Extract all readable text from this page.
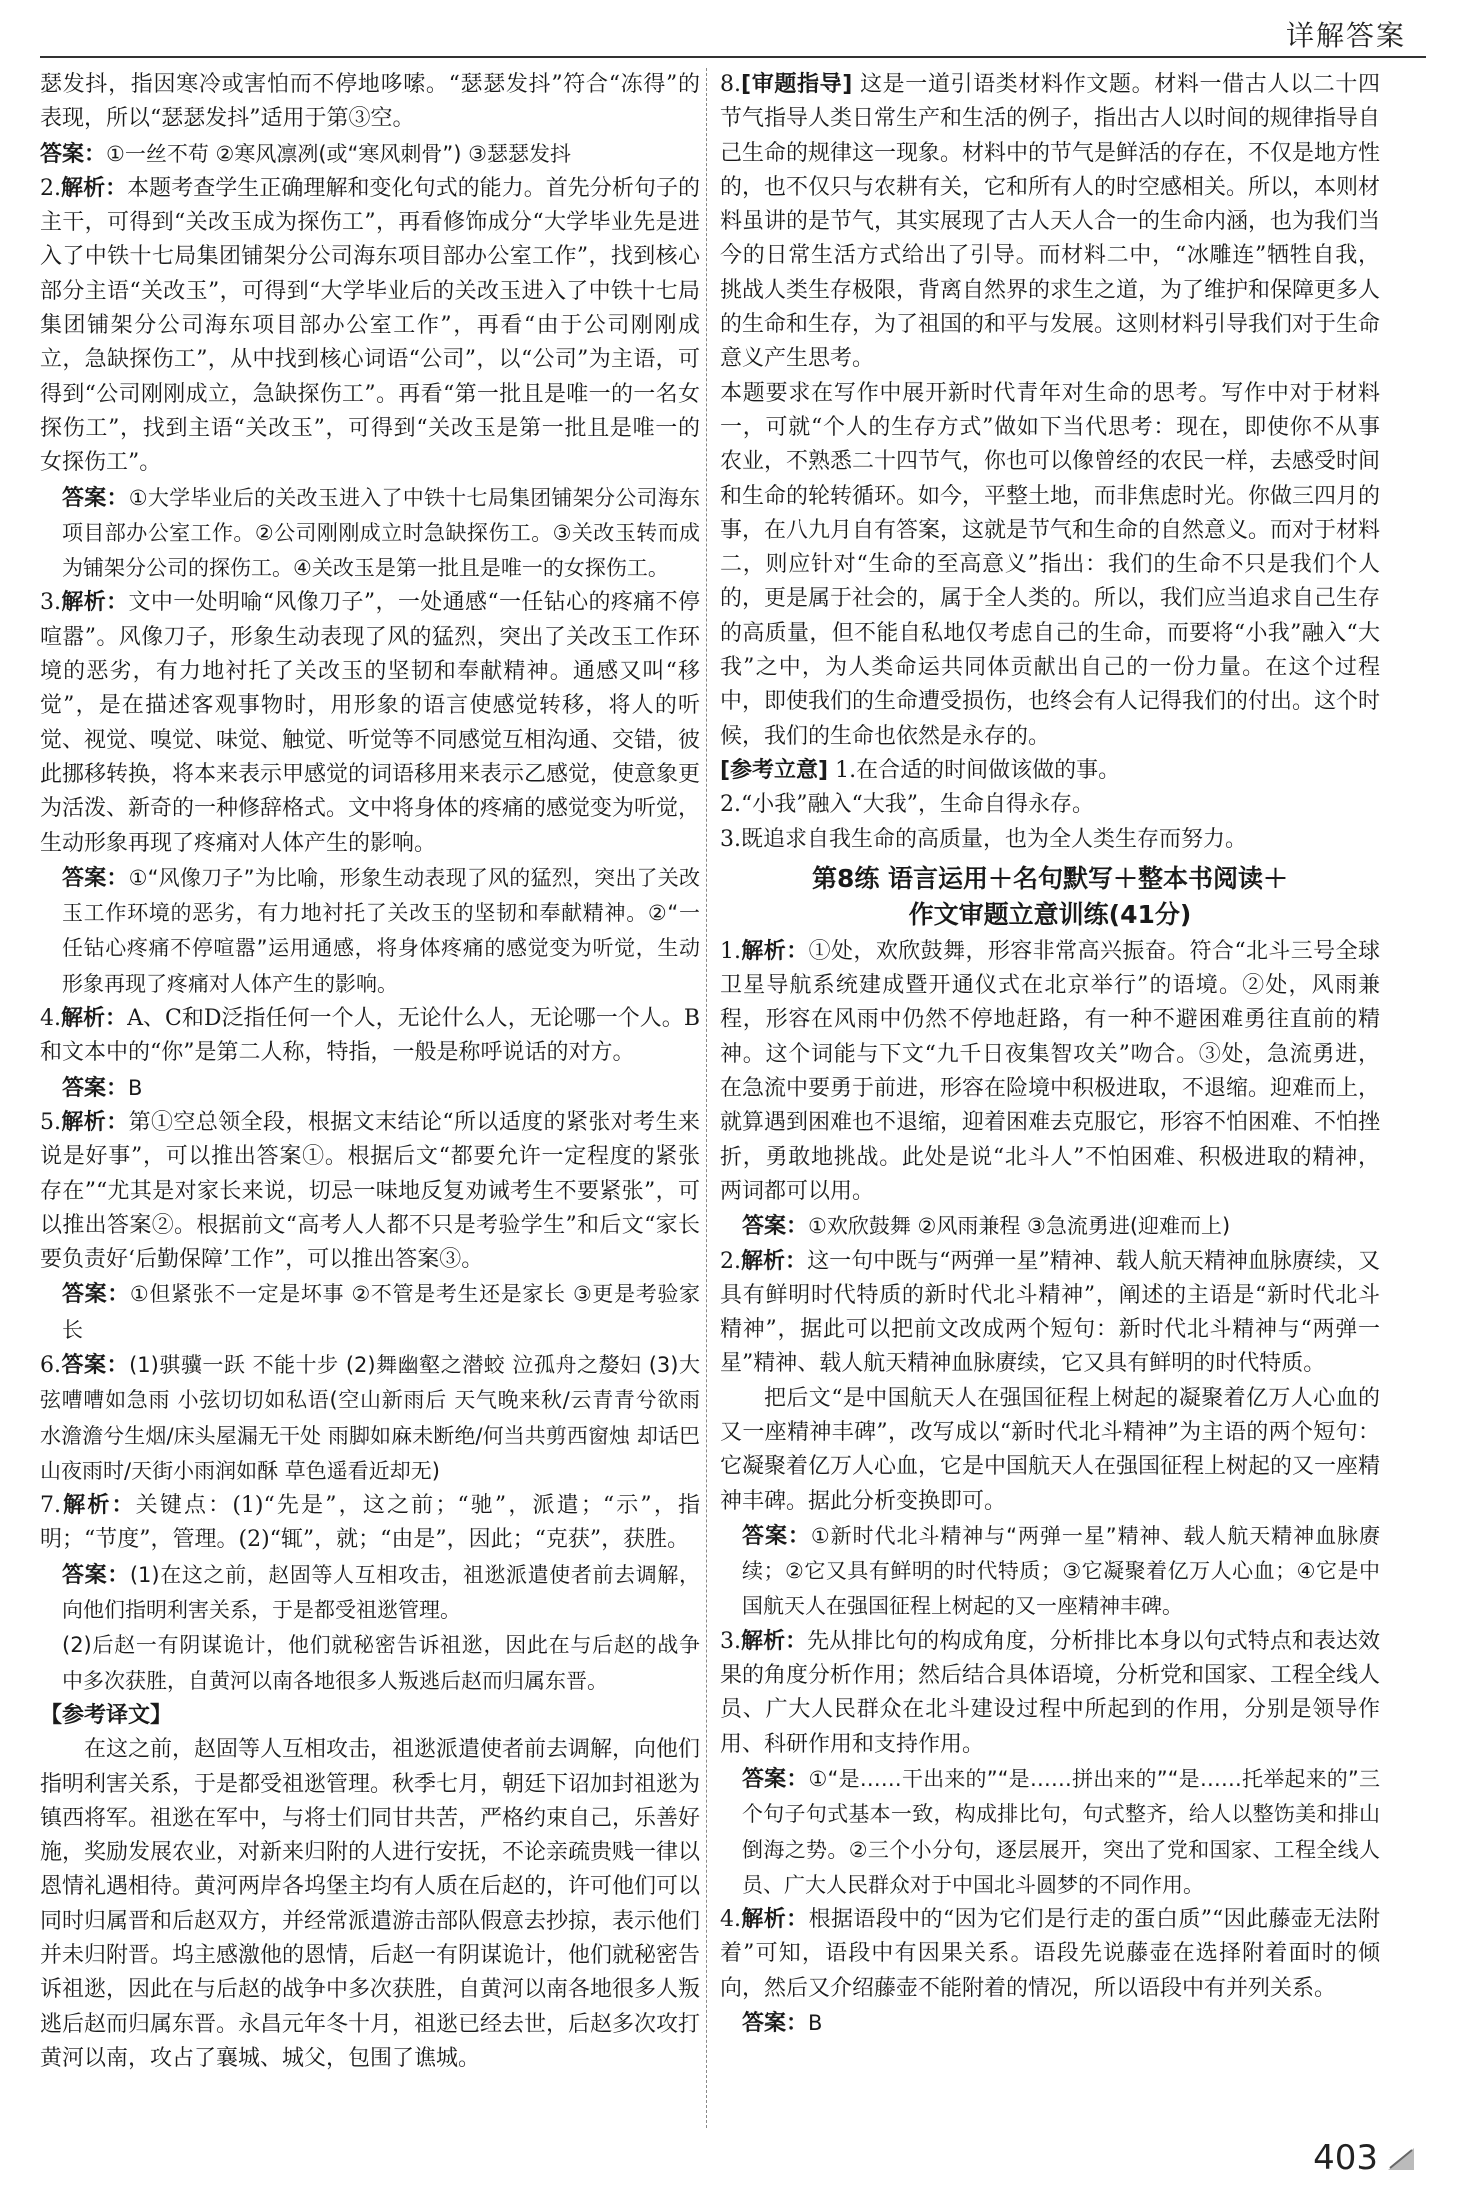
详解答案

瑟发抖，指因寒冷或害怕而不停地哆嗦。“瑟瑟发抖”符合“冻得”的表现，所以“瑟瑟发抖”适用于第③空。

答案：①一丝不苟 ②寒风凛冽(或“寒风刺骨”) ③瑟瑟发抖

2.解析：本题考查学生正确理解和变化句式的能力。首先分析句子的主干，可得到“关改玉成为探伤工”，再看修饰成分“大学毕业先是进入了中铁十七局集团铺架分公司海东项目部办公室工作”，找到核心部分主语“关改玉”，可得到“大学毕业后的关改玉进入了中铁十七局集团铺架分公司海东项目部办公室工作”，再看“由于公司刚刚成立，急缺探伤工”，从中找到核心词语“公司”，以“公司”为主语，可得到“公司刚刚成立，急缺探伤工”。再看“第一批且是唯一的一名女探伤工”，找到主语“关改玉”，可得到“关改玉是第一批且是唯一的女探伤工”。

答案：①大学毕业后的关改玉进入了中铁十七局集团铺架分公司海东项目部办公室工作。②公司刚刚成立时急缺探伤工。③关改玉转而成为铺架分公司的探伤工。④关改玉是第一批且是唯一的女探伤工。

3.解析：文中一处明喻“风像刀子”，一处通感“一任钻心的疼痛不停喧嚣”。风像刀子，形象生动表现了风的猛烈，突出了关改玉工作环境的恶劣，有力地衬托了关改玉的坚韧和奉献精神。通感又叫“移觉”，是在描述客观事物时，用形象的语言使感觉转移，将人的听觉、视觉、嗅觉、味觉、触觉、听觉等不同感觉互相沟通、交错，彼此挪移转换，将本来表示甲感觉的词语移用来表示乙感觉，使意象更为活泼、新奇的一种修辞格式。文中将身体的疼痛的感觉变为听觉，生动形象再现了疼痛对人体产生的影响。

答案：①“风像刀子”为比喻，形象生动表现了风的猛烈，突出了关改玉工作环境的恶劣，有力地衬托了关改玉的坚韧和奉献精神。②“一任钻心疼痛不停喧嚣”运用通感，将身体疼痛的感觉变为听觉，生动形象再现了疼痛对人体产生的影响。

4.解析：A、C和D泛指任何一个人，无论什么人，无论哪一个人。B和文本中的“你”是第二人称，特指，一般是称呼说话的对方。

答案：B

5.解析：第①空总领全段，根据文末结论“所以适度的紧张对考生来说是好事”，可以推出答案①。根据后文“都要允许一定程度的紧张存在”“尤其是对家长来说，切忌一味地反复劝诫考生不要紧张”，可以推出答案②。根据前文“高考人人都不只是考验学生”和后文“家长要负责好‘后勤保障’工作”，可以推出答案③。

答案：①但紧张不一定是坏事 ②不管是考生还是家长 ③更是考验家长

6.答案：(1)骐骥一跃 不能十步 (2)舞幽壑之潜蛟 泣孤舟之嫠妇 (3)大弦嘈嘈如急雨 小弦切切如私语(空山新雨后 天气晚来秋/云青青兮欲雨 水澹澹兮生烟/床头屋漏无干处 雨脚如麻未断绝/何当共剪西窗烛 却话巴山夜雨时/天街小雨润如酥 草色遥看近却无)

7.解析：关键点：(1)“先是”，这之前；“驰”，派遣；“示”，指明；“节度”，管理。(2)“辄”，就；“由是”，因此；“克获”，获胜。

答案：(1)在这之前，赵固等人互相攻击，祖逖派遣使者前去调解，向他们指明利害关系，于是都受祖逖管理。

(2)后赵一有阴谋诡计，他们就秘密告诉祖逖，因此在与后赵的战争中多次获胜，自黄河以南各地很多人叛逃后赵而归属东晋。

【参考译文】

在这之前，赵固等人互相攻击，祖逖派遣使者前去调解，向他们指明利害关系，于是都受祖逖管理。秋季七月，朝廷下诏加封祖逖为镇西将军。祖逖在军中，与将士们同甘共苦，严格约束自己，乐善好施，奖励发展农业，对新来归附的人进行安抚，不论亲疏贵贱一律以恩情礼遇相待。黄河两岸各坞堡主均有人质在后赵的，许可他们可以同时归属晋和后赵双方，并经常派遣游击部队假意去抄掠，表示他们并未归附晋。坞主感激他的恩情，后赵一有阴谋诡计，他们就秘密告诉祖逖，因此在与后赵的战争中多次获胜，自黄河以南各地很多人叛逃后赵而归属东晋。永昌元年冬十月，祖逖已经去世，后赵多次攻打黄河以南，攻占了襄城、城父，包围了谯城。

8.[审题指导] 这是一道引语类材料作文题。材料一借古人以二十四节气指导人类日常生产和生活的例子，指出古人以时间的规律指导自己生命的规律这一现象。材料中的节气是鲜活的存在，不仅是地方性的，也不仅只与农耕有关，它和所有人的时空感相关。所以，本则材料虽讲的是节气，其实展现了古人天人合一的生命内涵，也为我们当今的日常生活方式给出了引导。而材料二中，“冰雕连”牺牲自我，挑战人类生存极限，背离自然界的求生之道，为了维护和保障更多人的生命和生存，为了祖国的和平与发展。这则材料引导我们对于生命意义产生思考。

本题要求在写作中展开新时代青年对生命的思考。写作中对于材料一，可就“个人的生存方式”做如下当代思考：现在，即使你不从事农业，不熟悉二十四节气，你也可以像曾经的农民一样，去感受时间和生命的轮转循环。如今，平整土地，而非焦虑时光。你做三四月的事，在八九月自有答案，这就是节气和生命的自然意义。而对于材料二，则应针对“生命的至高意义”指出：我们的生命不只是我们个人的，更是属于社会的，属于全人类的。所以，我们应当追求自己生存的高质量，但不能自私地仅考虑自己的生命，而要将“小我”融入“大我”之中，为人类命运共同体贡献出自己的一份力量。在这个过程中，即使我们的生命遭受损伤，也终会有人记得我们的付出。这个时候，我们的生命也依然是永存的。

[参考立意] 1.在合适的时间做该做的事。

2.“小我”融入“大我”，生命自得永存。

3.既追求自我生命的高质量，也为全人类生存而努力。

第8练 语言运用＋名句默写＋整本书阅读＋
作文审题立意训练(41分)

1.解析：①处，欢欣鼓舞，形容非常高兴振奋。符合“北斗三号全球卫星导航系统建成暨开通仪式在北京举行”的语境。②处，风雨兼程，形容在风雨中仍然不停地赶路，有一种不避困难勇往直前的精神。这个词能与下文“九千日夜集智攻关”吻合。③处，急流勇进，在急流中要勇于前进，形容在险境中积极进取，不退缩。迎难而上，就算遇到困难也不退缩，迎着困难去克服它，形容不怕困难、不怕挫折，勇敢地挑战。此处是说“北斗人”不怕困难、积极进取的精神，两词都可以用。

答案：①欢欣鼓舞 ②风雨兼程 ③急流勇进(迎难而上)

2.解析：这一句中既与“两弹一星”精神、载人航天精神血脉赓续，又具有鲜明时代特质的新时代北斗精神”，阐述的主语是“新时代北斗精神”，据此可以把前文改成两个短句：新时代北斗精神与“两弹一星”精神、载人航天精神血脉赓续，它又具有鲜明的时代特质。

把后文“是中国航天人在强国征程上树起的凝聚着亿万人心血的又一座精神丰碑”，改写成以“新时代北斗精神”为主语的两个短句：它凝聚着亿万人心血，它是中国航天人在强国征程上树起的又一座精神丰碑。据此分析变换即可。

答案：①新时代北斗精神与“两弹一星”精神、载人航天精神血脉赓续；②它又具有鲜明的时代特质；③它凝聚着亿万人心血；④它是中国航天人在强国征程上树起的又一座精神丰碑。

3.解析：先从排比句的构成角度，分析排比本身以句式特点和表达效果的角度分析作用；然后结合具体语境，分析党和国家、工程全线人员、广大人民群众在北斗建设过程中所起到的作用，分别是领导作用、科研作用和支持作用。

答案：①“是……干出来的”“是……拼出来的”“是……托举起来的”三个句子句式基本一致，构成排比句，句式整齐，给人以整饬美和排山倒海之势。②三个小分句，逐层展开，突出了党和国家、工程全线人员、广大人民群众对于中国北斗圆梦的不同作用。

4.解析：根据语段中的“因为它们是行走的蛋白质”“因此藤壶无法附着”可知，语段中有因果关系。语段先说藤壶在选择附着面时的倾向，然后又介绍藤壶不能附着的情况，所以语段中有并列关系。

答案：B

403
